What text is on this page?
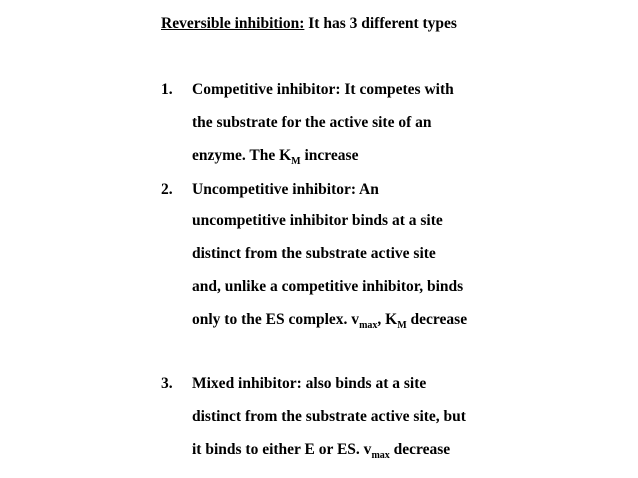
Reversible inhibition: It has 3 different types
1. Competitive inhibitor: It competes with
the substrate for the active site of an
enzyme. The $K_M$ increase
2. Uncompetitive inhibitor: An
uncompetitive inhibitor binds at a site
distinct from the substrate active site
and, unlike a competitive inhibitor, binds
only to the ES complex. $v_{max}$, $K_M$ decrease
3. Mixed inhibitor: also binds at a site
distinct from the substrate active site, but
it binds to either E or ES. $v_{max}$ decrease
